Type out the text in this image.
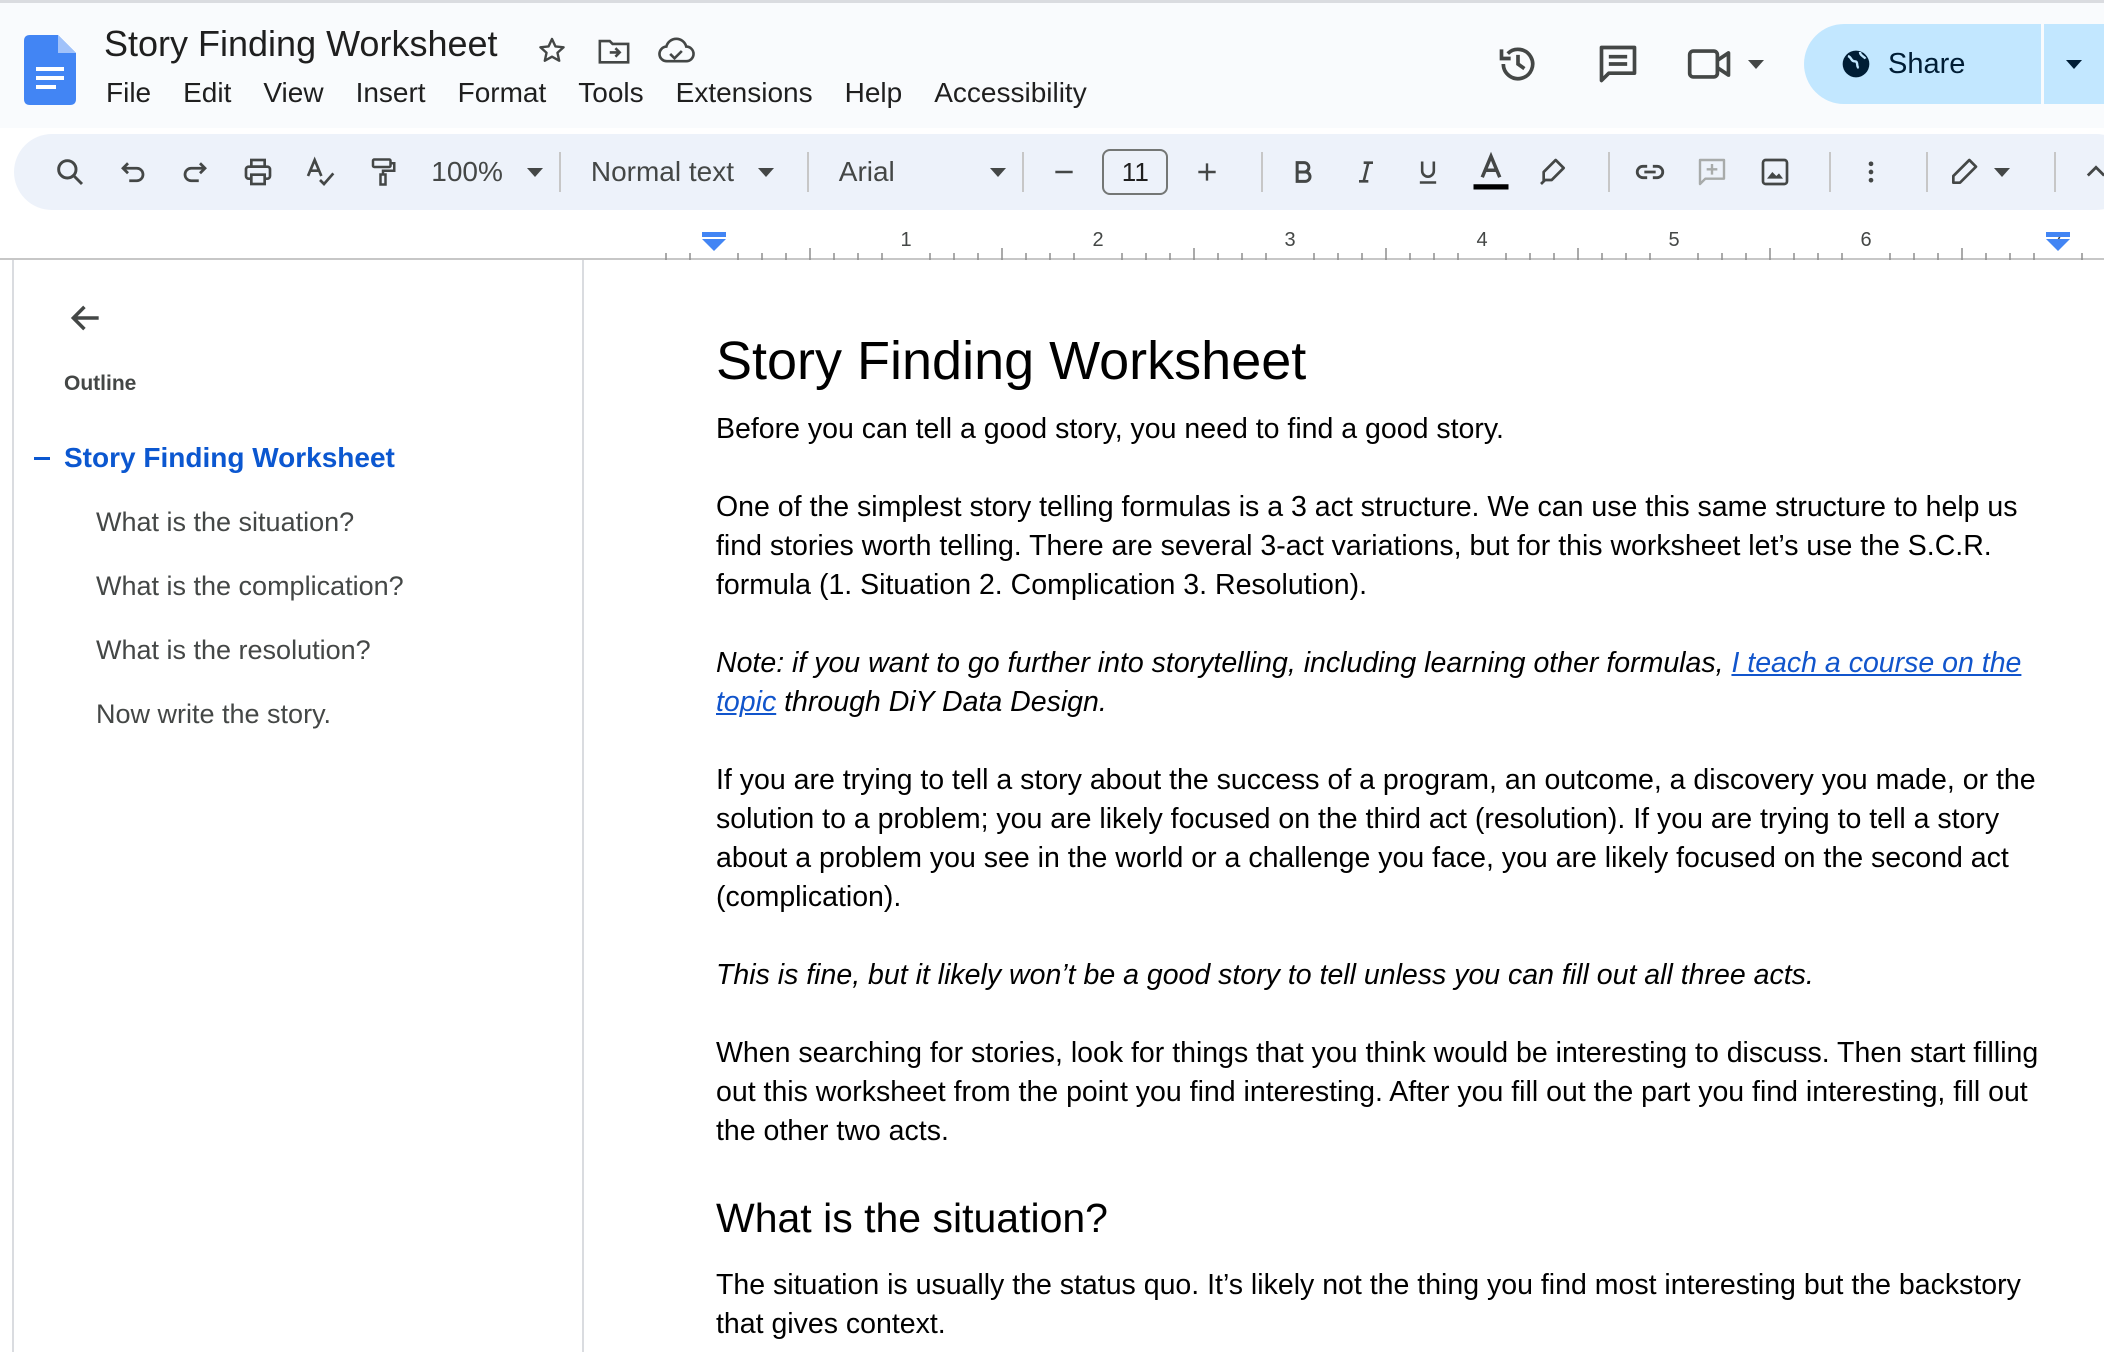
Story Finding Worksheet
File	Edit	View	Insert	Format	Tools	Extensions	Help	Accessibility
Share
100%	Normal text	Arial	11
1	2	3	4	5	6
Outline
Story Finding Worksheet
What is the situation?
What is the complication?
What is the resolution?
Now write the story.
Story Finding Worksheet

Before you can tell a good story, you need to find a good story.

One of the simplest story telling formulas is a 3 act structure. We can use this same structure to help us find stories worth telling. There are several 3-act variations, but for this worksheet let’s use the S.C.R. formula (1. Situation 2. Complication 3. Resolution).

Note: if you want to go further into storytelling, including learning other formulas, I teach a course on the topic through DiY Data Design.

If you are trying to tell a story about the success of a program, an outcome, a discovery you made, or the solution to a problem; you are likely focused on the third act (resolution). If you are trying to tell a story about a problem you see in the world or a challenge you face, you are likely focused on the second act (complication).

This is fine, but it likely won’t be a good story to tell unless you can fill out all three acts.

When searching for stories, look for things that you think would be interesting to discuss. Then start filling out this worksheet from the point you find interesting. After you fill out the part you find interesting, fill out the other two acts.

What is the situation?

The situation is usually the status quo. It’s likely not the thing you find most interesting but the backstory that gives context.
